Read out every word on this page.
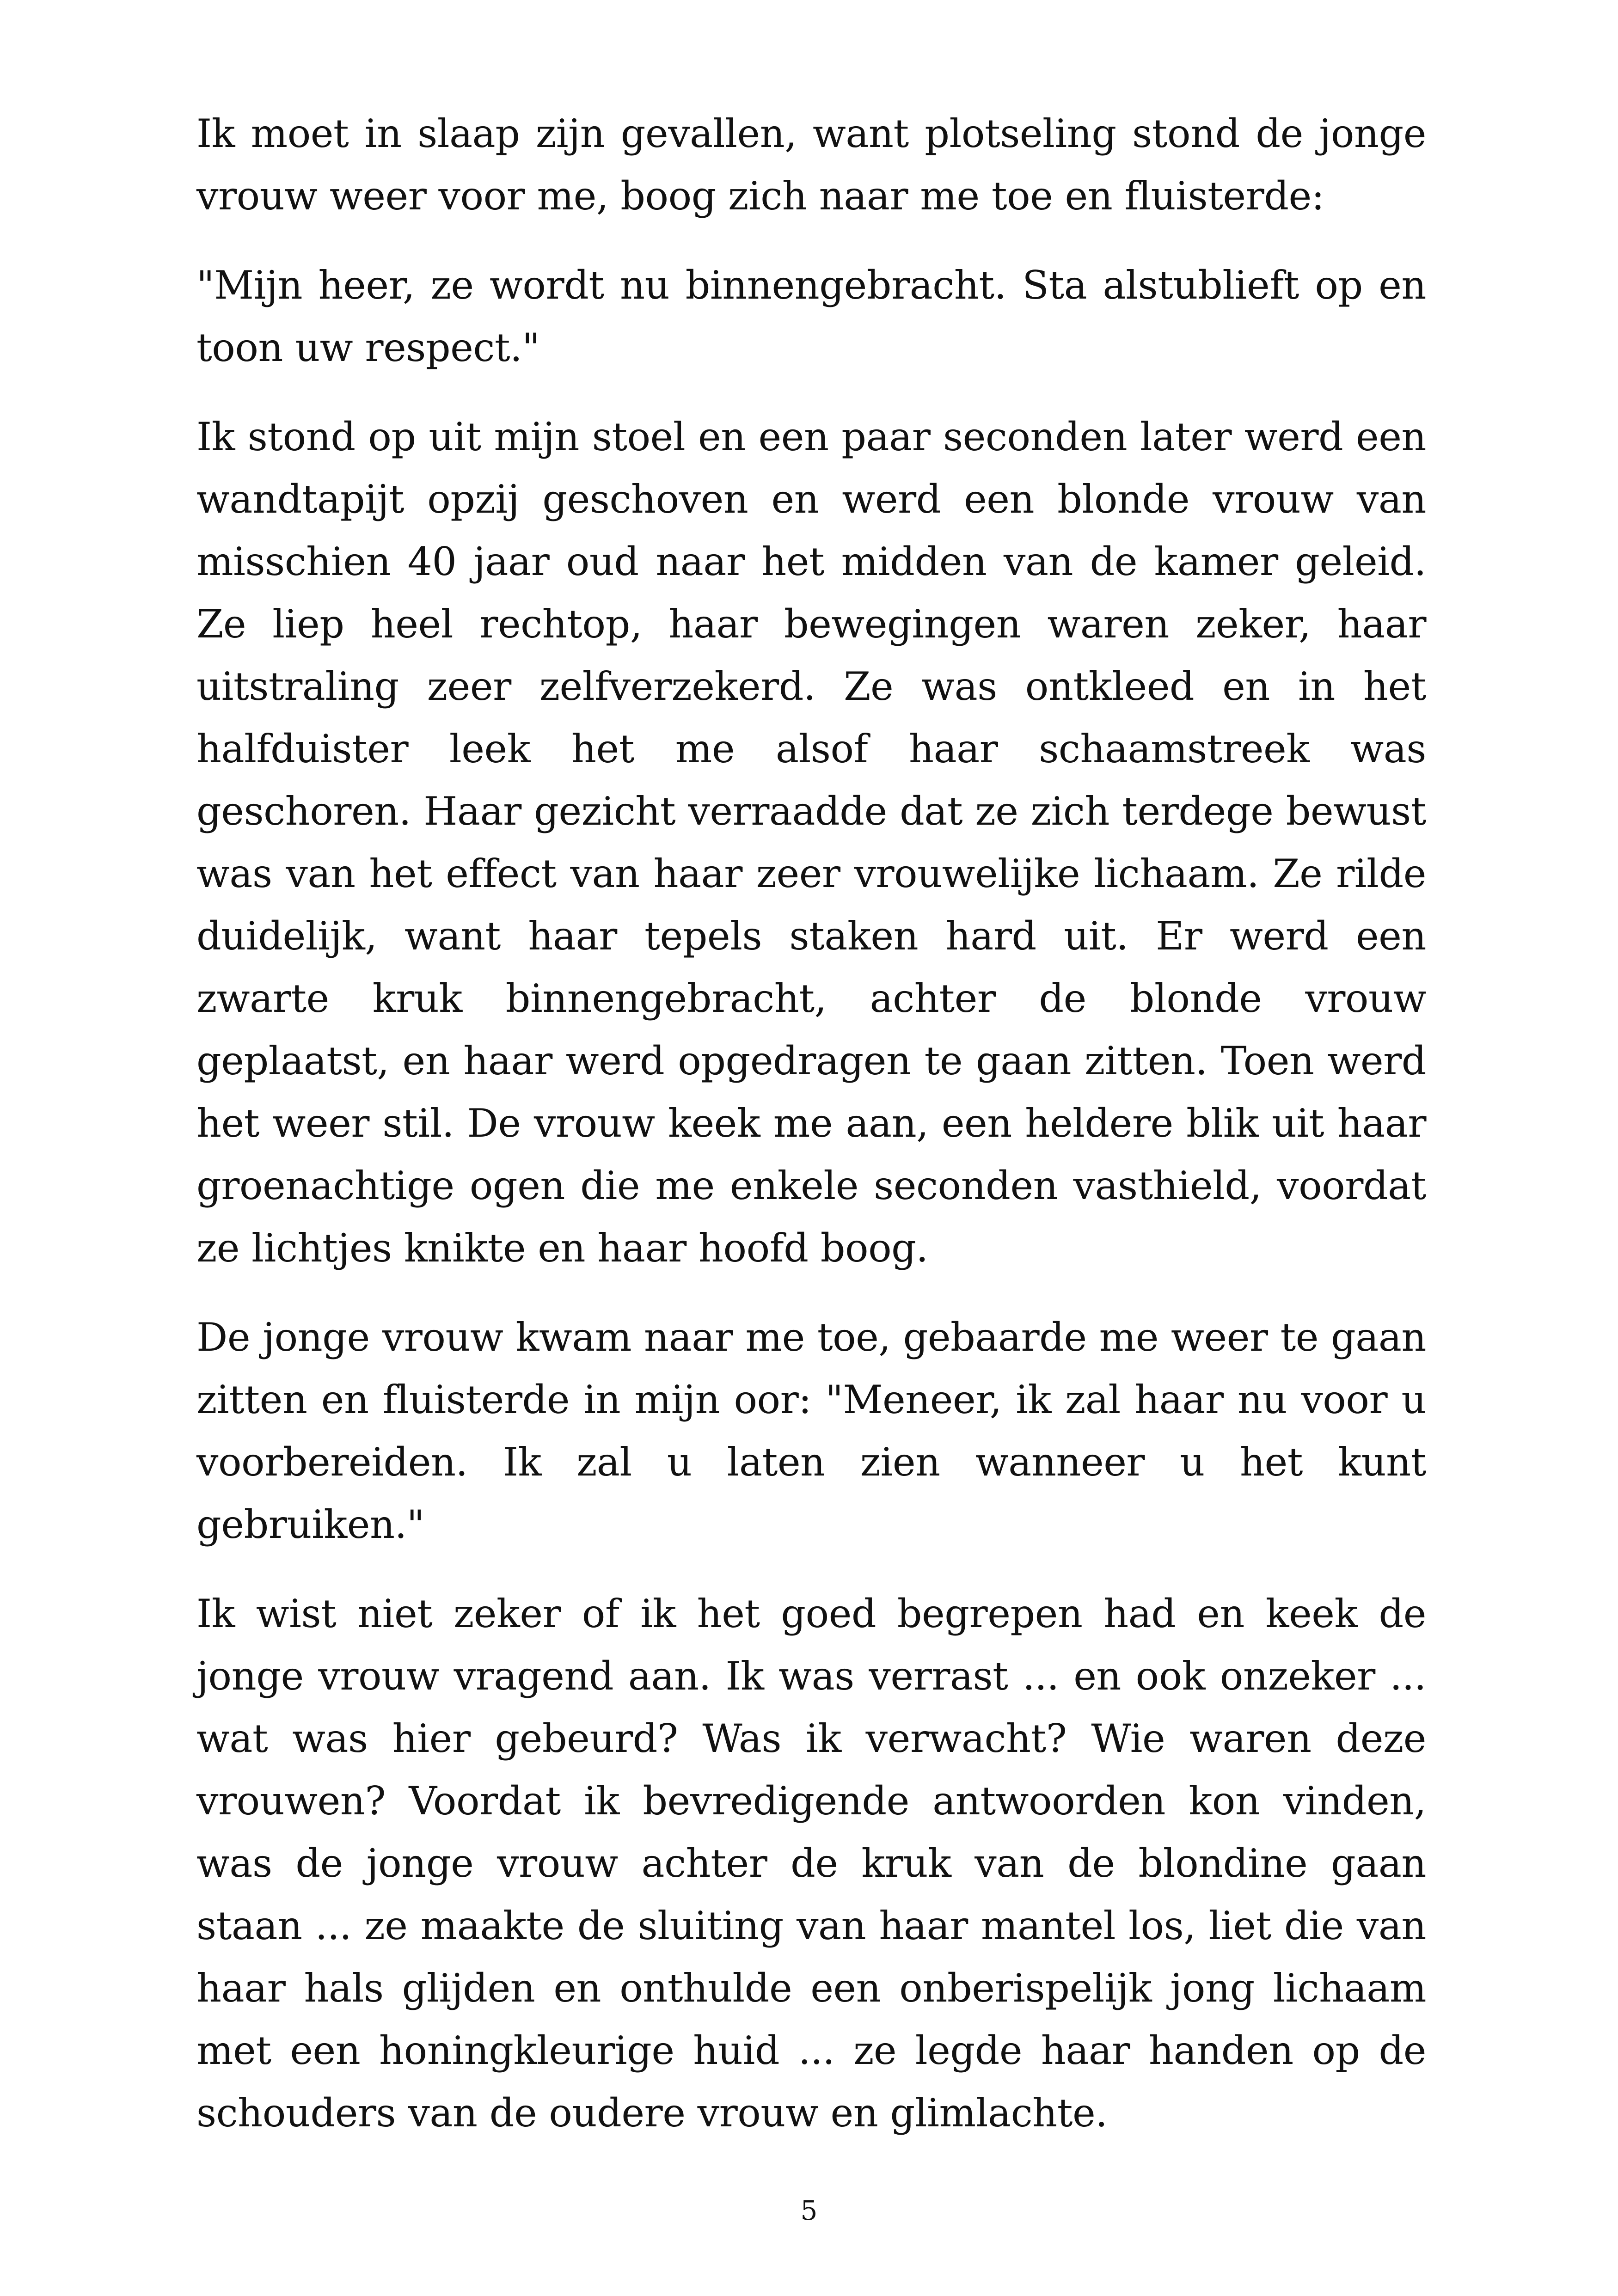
Ik moet in slaap zijn gevallen, want plotseling stond de jonge vrouw weer voor me, boog zich naar me toe en fluisterde:

"Mijn heer, ze wordt nu binnengebracht. Sta alstublieft op en toon uw respect."

Ik stond op uit mijn stoel en een paar seconden later werd een wandtapijt opzij geschoven en werd een blonde vrouw van misschien 40 jaar oud naar het midden van de kamer geleid. Ze liep heel rechtop, haar bewegingen waren zeker, haar uitstraling zeer zelfverzekerd. Ze was ontkleed en in het halfduister leek het me alsof haar schaamstreek was geschoren. Haar gezicht verraadde dat ze zich terdege bewust was van het effect van haar zeer vrouwelijke lichaam. Ze rilde duidelijk, want haar tepels staken hard uit. Er werd een zwarte kruk binnengebracht, achter de blonde vrouw geplaatst, en haar werd opgedragen te gaan zitten. Toen werd het weer stil. De vrouw keek me aan, een heldere blik uit haar groenachtige ogen die me enkele seconden vasthield, voordat ze lichtjes knikte en haar hoofd boog.

De jonge vrouw kwam naar me toe, gebaarde me weer te gaan zitten en fluisterde in mijn oor: "Meneer, ik zal haar nu voor u voorbereiden. Ik zal u laten zien wanneer u het kunt gebruiken."

Ik wist niet zeker of ik het goed begrepen had en keek de jonge vrouw vragend aan. Ik was verrast ... en ook onzeker ... wat was hier gebeurd? Was ik verwacht? Wie waren deze vrouwen? Voordat ik bevredigende antwoorden kon vinden, was de jonge vrouw achter de kruk van de blondine gaan staan ... ze maakte de sluiting van haar mantel los, liet die van haar hals glijden en onthulde een onberispelijk jong lichaam met een honingkleurige huid ... ze legde haar handen op de schouders van de oudere vrouw en glimlachte.

5
